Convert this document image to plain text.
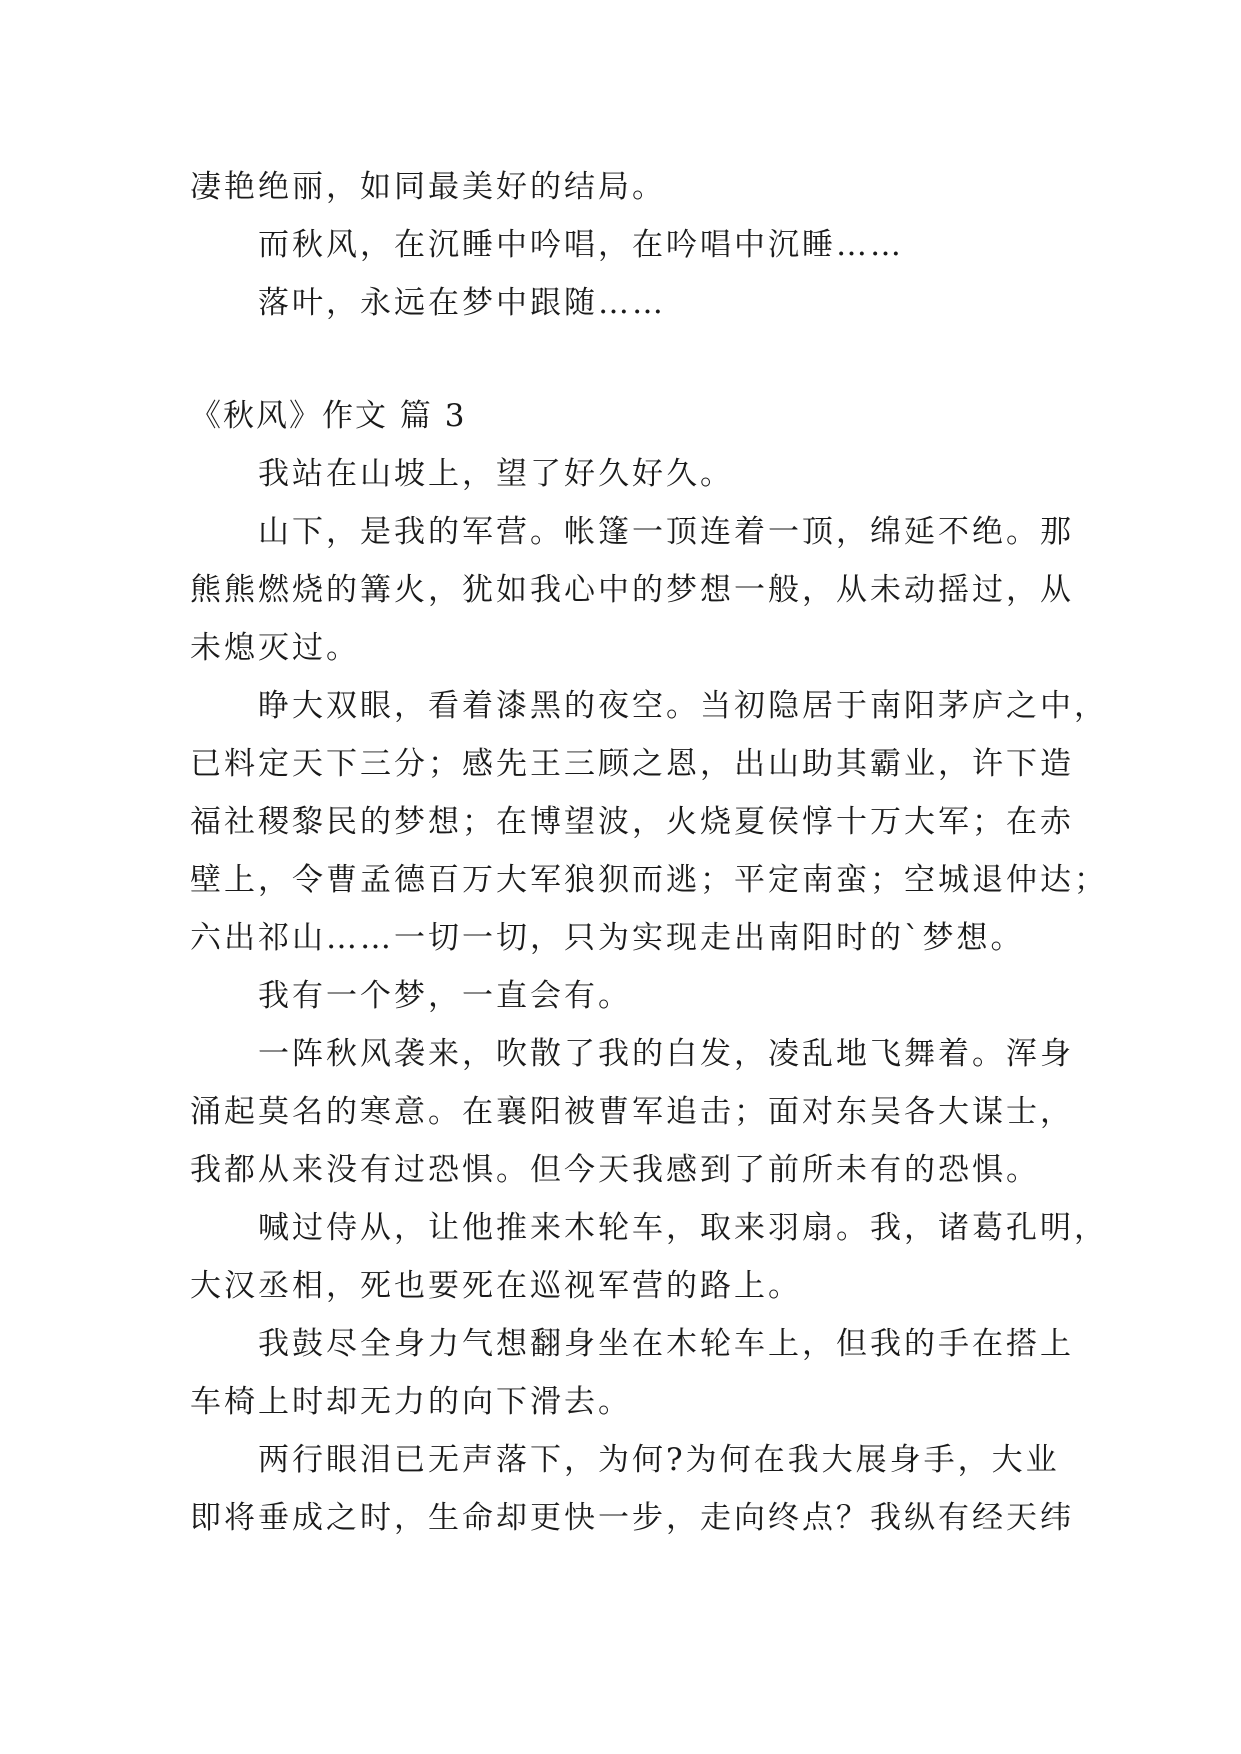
凄艳绝丽，如同最美好的结局。
而秋风，在沉睡中吟唱，在吟唱中沉睡……
落叶，永远在梦中跟随……
《秋风》作文 篇 3
我站在山坡上，望了好久好久。
山下，是我的军营。帐篷一顶连着一顶，绵延不绝。那
熊熊燃烧的篝火，犹如我心中的梦想一般，从未动摇过，从
未熄灭过。
睁大双眼，看着漆黑的夜空。当初隐居于南阳茅庐之中，
已料定天下三分；感先王三顾之恩，出山助其霸业，许下造
福社稷黎民的梦想；在博望波，火烧夏侯惇十万大军；在赤
壁上，令曹孟德百万大军狼狈而逃；平定南蛮；空城退仲达；
六出祁山……一切一切，只为实现走出南阳时的`梦想。
我有一个梦，一直会有。
一阵秋风袭来，吹散了我的白发，凌乱地飞舞着。浑身
涌起莫名的寒意。在襄阳被曹军追击；面对东吴各大谋士，
我都从来没有过恐惧。但今天我感到了前所未有的恐惧。
喊过侍从，让他推来木轮车，取来羽扇。我，诸葛孔明，
大汉丞相，死也要死在巡视军营的路上。
我鼓尽全身力气想翻身坐在木轮车上，但我的手在搭上
车椅上时却无力的向下滑去。
两行眼泪已无声落下，为何?为何在我大展身手，大业
即将垂成之时，生命却更快一步，走向终点？我纵有经天纬
